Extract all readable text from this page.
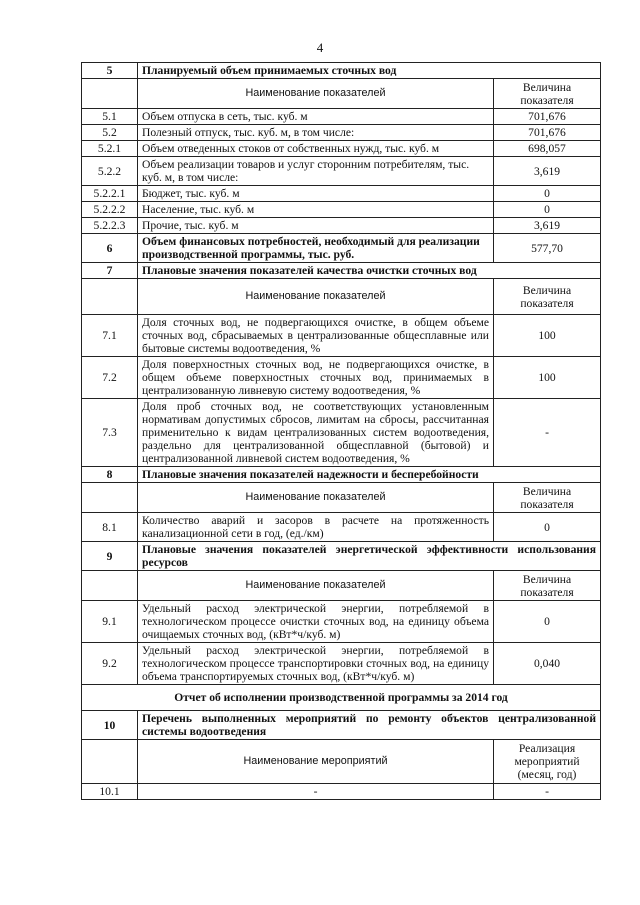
4
5	Планируемый объем принимаемых сточных вод	
	Наименование показателей	Величина показателя
5.1	Объем отпуска в сеть, тыс. куб. м	701,676
5.2	Полезный отпуск, тыс. куб. м, в том числе:	701,676
5.2.1	Объем отведенных стоков от собственных нужд, тыс. куб. м	698,057
5.2.2	Объем реализации товаров и услуг сторонним потребителям, тыс. куб. м, в том числе:	3,619
5.2.2.1	Бюджет, тыс. куб. м	0
5.2.2.2	Население, тыс. куб. м	0
5.2.2.3	Прочие, тыс. куб. м	3,619
6	Объем финансовых потребностей, необходимый для реализации производственной программы, тыс. руб.	577,70
7	Плановые значения показателей качества очистки сточных вод	
	Наименование показателей	Величина показателя
7.1	Доля сточных вод, не подвергающихся очистке, в общем объеме сточных вод, сбрасываемых в централизованные общесплавные или бытовые системы водоотведения, %	100
7.2	Доля поверхностных сточных вод, не подвергающихся очистке, в общем объеме поверхностных сточных вод, принимаемых в централизованную ливневую систему водоотведения, %	100
7.3	Доля проб сточных вод, не соответствующих установленным нормативам допустимых сбросов, лимитам на сбросы, рассчитанная применительно к видам централизованных систем водоотведения, раздельно для централизованной общесплавной (бытовой) и централизованной ливневой систем водоотведения, %	-
8	Плановые значения показателей надежности и бесперебойности	
	Наименование показателей	Величина показателя
8.1	Количество аварий и засоров в расчете на протяженность канализационной сети в год, (ед./км)	0
9	Плановые значения показателей энергетической эффективности использования ресурсов	
	Наименование показателей	Величина показателя
9.1	Удельный расход электрической энергии, потребляемой в технологическом процессе очистки сточных вод, на единицу объема очищаемых сточных вод, (кВт*ч/куб. м)	0
9.2	Удельный расход электрической энергии, потребляемой в технологическом процессе транспортировки сточных вод, на единицу объема транспортируемых сточных вод, (кВт*ч/куб. м)	0,040
Отчет об исполнении производственной программы за 2014 год		
10	Перечень выполненных мероприятий по ремонту объектов централизованной системы водоотведения	
	Наименование мероприятий	Реализация мероприятий (месяц, год)
10.1	-	-
